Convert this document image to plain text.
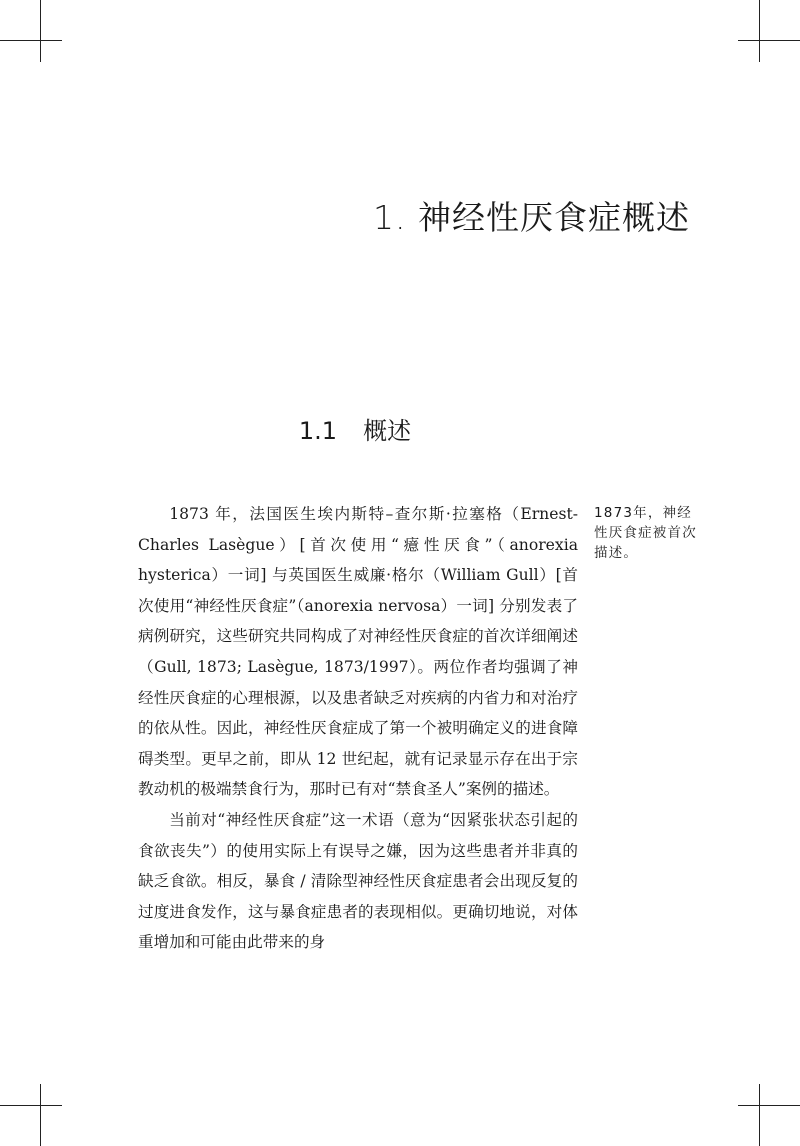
1. 神经性厌食症概述
1.1 概述

1873 年，法国医生埃内斯特–查尔斯·拉塞格（Ernest-Charles Lasègue）[首次使用“癔性厌食”（anorexia hysterica）一词] 与英国医生威廉·格尔（William Gull）[首次使用“神经性厌食症”（anorexia nervosa）一词] 分别发表了病例研究，这些研究共同构成了对神经性厌食症的首次详细阐述（Gull, 1873; Lasègue, 1873/1997）。两位作者均强调了神经性厌食症的心理根源，以及患者缺乏对疾病的内省力和对治疗的依从性。因此，神经性厌食症成了第一个被明确定义的进食障碍类型。更早之前，即从 12 世纪起，就有记录显示存在出于宗教动机的极端禁食行为，那时已有对“禁食圣人”案例的描述。

当前对“神经性厌食症”这一术语（意为“因紧张状态引起的食欲丧失”）的使用实际上有误导之嫌，因为这些患者并非真的缺乏食欲。相反，暴食 / 清除型神经性厌食症患者会出现反复的过度进食发作，这与暴食症患者的表现相似。更确切地说，对体重增加和可能由此带来的身

1873年，神经性厌食症被首次描述。
